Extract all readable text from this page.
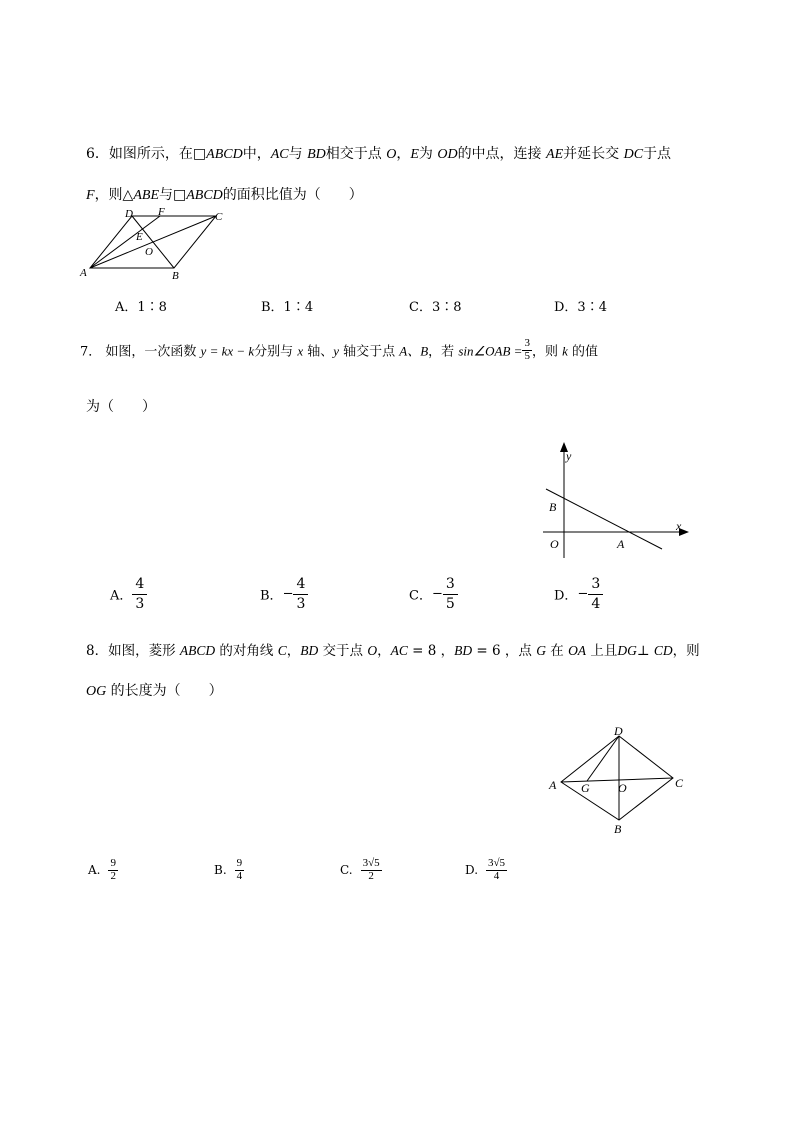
6．如图所示，在□ABCD中，AC与 BD相交于点 O，E为 OD的中点，连接 AE并延长交 DC于点
F，则△ABE与□ABCD的面积比值为（　　）
A	B
C
D F
E
O
A．1∶8	B．1∶4	C．3∶8	D．3∶4
7． 如图，一次函数 y = kx − k分别与 x 轴、y 轴交于点 A、B，若 sin∠OAB = $\frac{3}{5}$ ，则 k 的值
为（　　）
y
x
B
O	A
A． $\frac{4}{3}$	B．− $\frac{4}{3}$	C．− $\frac{3}{5}$	D．− $\frac{3}{4}$
8．如图，菱形 ABCD 的对角线 C，BD 交于点 O，AC = 8 ，BD = 6 ，点 G 在 OA 上且DG⊥ CD，则
OG 的长度为（　　）
D
A G O	C
B
A. $\frac{9}{2}$	B. $\frac{9}{4}$	C. $\frac{3√5}{2}$	D. $\frac{3√5}{4}$
